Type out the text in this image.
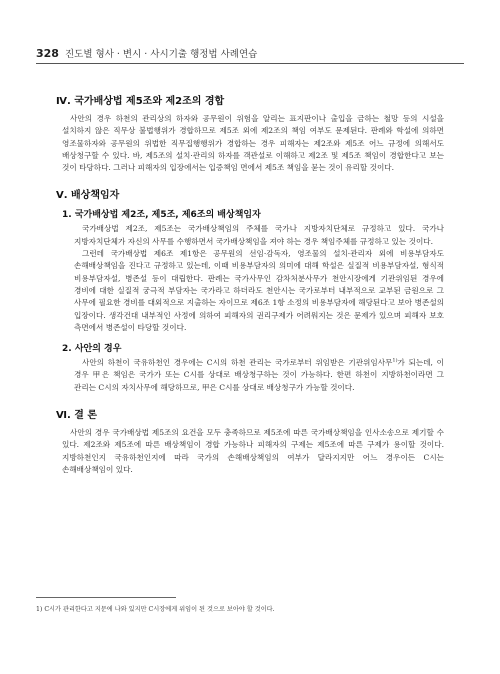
328 진도별 형사 · 변시 · 사시기출 행정법 사례연습
Ⅳ. 국가배상법 제5조와 제2조의 경합

사안의 경우 하천의 관리상의 하자와 공무원이 위험을 알리는 표지판이나 출입을 금하는 철망 등의 시설을 설치하지 않은 직무상 불법행위가 경합하므로 제5조 외에 제2조의 책임 여부도 문제된다. 판례와 학설에 의하면 영조물하자와 공무원의 위법한 직무집행행위가 경합하는 경우 피해자는 제2조와 제5조 어느 규정에 의해서도 배상청구할 수 있다. 바, 제5조의 설치·관리의 하자를 객관설로 이해하고 제2조 및 제5조 책임이 경합한다고 보는 것이 타당하다. 그러나 피해자의 입장에서는 입증책임 면에서 제5조 책임을 묻는 것이 유리할 것이다.

Ⅴ. 배상책임자
1. 국가배상법 제2조, 제5조, 제6조의 배상책임자

국가배상법 제2조, 제5조는 국가배상책임의 주체를 국가나 지방자치단체로 규정하고 있다. 국가나 지방자치단체가 자신의 사무를 수행하면서 국가배상책임을 져야 하는 경우 책임주체를 규정하고 있는 것이다.

그런데 국가배상법 제6조 제1항은 공무원의 선임·감독자, 영조물의 설치·관리자 외에 비용부담자도 손해배상책임을 진다고 규정하고 있는데, 이때 비용부담자의 의미에 대해 학설은 실질적 비용부담자설, 형식적 비용부담자설, 병존설 등이 대립한다. 판례는 국가사무인 감차처분사무가 천안시장에게 기관위임된 경우에 경비에 대한 실질적 궁극적 부담자는 국가라고 하더라도 천안시는 국가로부터 내부적으로 교부된 금원으로 그 사무에 필요한 경비를 대외적으로 지출하는 자이므로 제6조 1항 소정의 비용부담자에 해당된다고 보아 병존설의 입장이다. 생각건대 내부적인 사정에 의하여 피해자의 권리구제가 어려워지는 것은 문제가 있으며 피해자 보호 측면에서 병존설이 타당할 것이다.

2. 사안의 경우

사안의 하천이 국유하천인 경우에는 C시의 하천 관리는 국가로부터 위임받은 기관위임사무$^{1)}$가 되는데, 이 경우 甲은 책임은 국가가 또는 C시를 상대로 배상청구하는 것이 가능하다. 한편 하천이 지방하천이라면 그 관리는 C시의 자치사무에 해당하므로, 甲은 C시를 상대로 배상청구가 가능할 것이다.

Ⅵ. 결 론

사안의 경우 국가배상법 제5조의 요건을 모두 충족하므로 제5조에 따른 국가배상책임을 인사소송으로 제기할 수 있다. 제2조와 제5조에 따른 배상책임이 경합 가능하나 피해자의 구제는 제5조에 따른 구제가 용이할 것이다. 지방하천인지 국유하천인지에 따라 국가의 손해배상책임의 여부가 달라지지만 어느 경우이든 C시는 손해배상책임이 있다.

1) C시가 관리한다고 지문에 나와 있지만 C시장에게 위임이 된 것으로 보아야 할 것이다.
